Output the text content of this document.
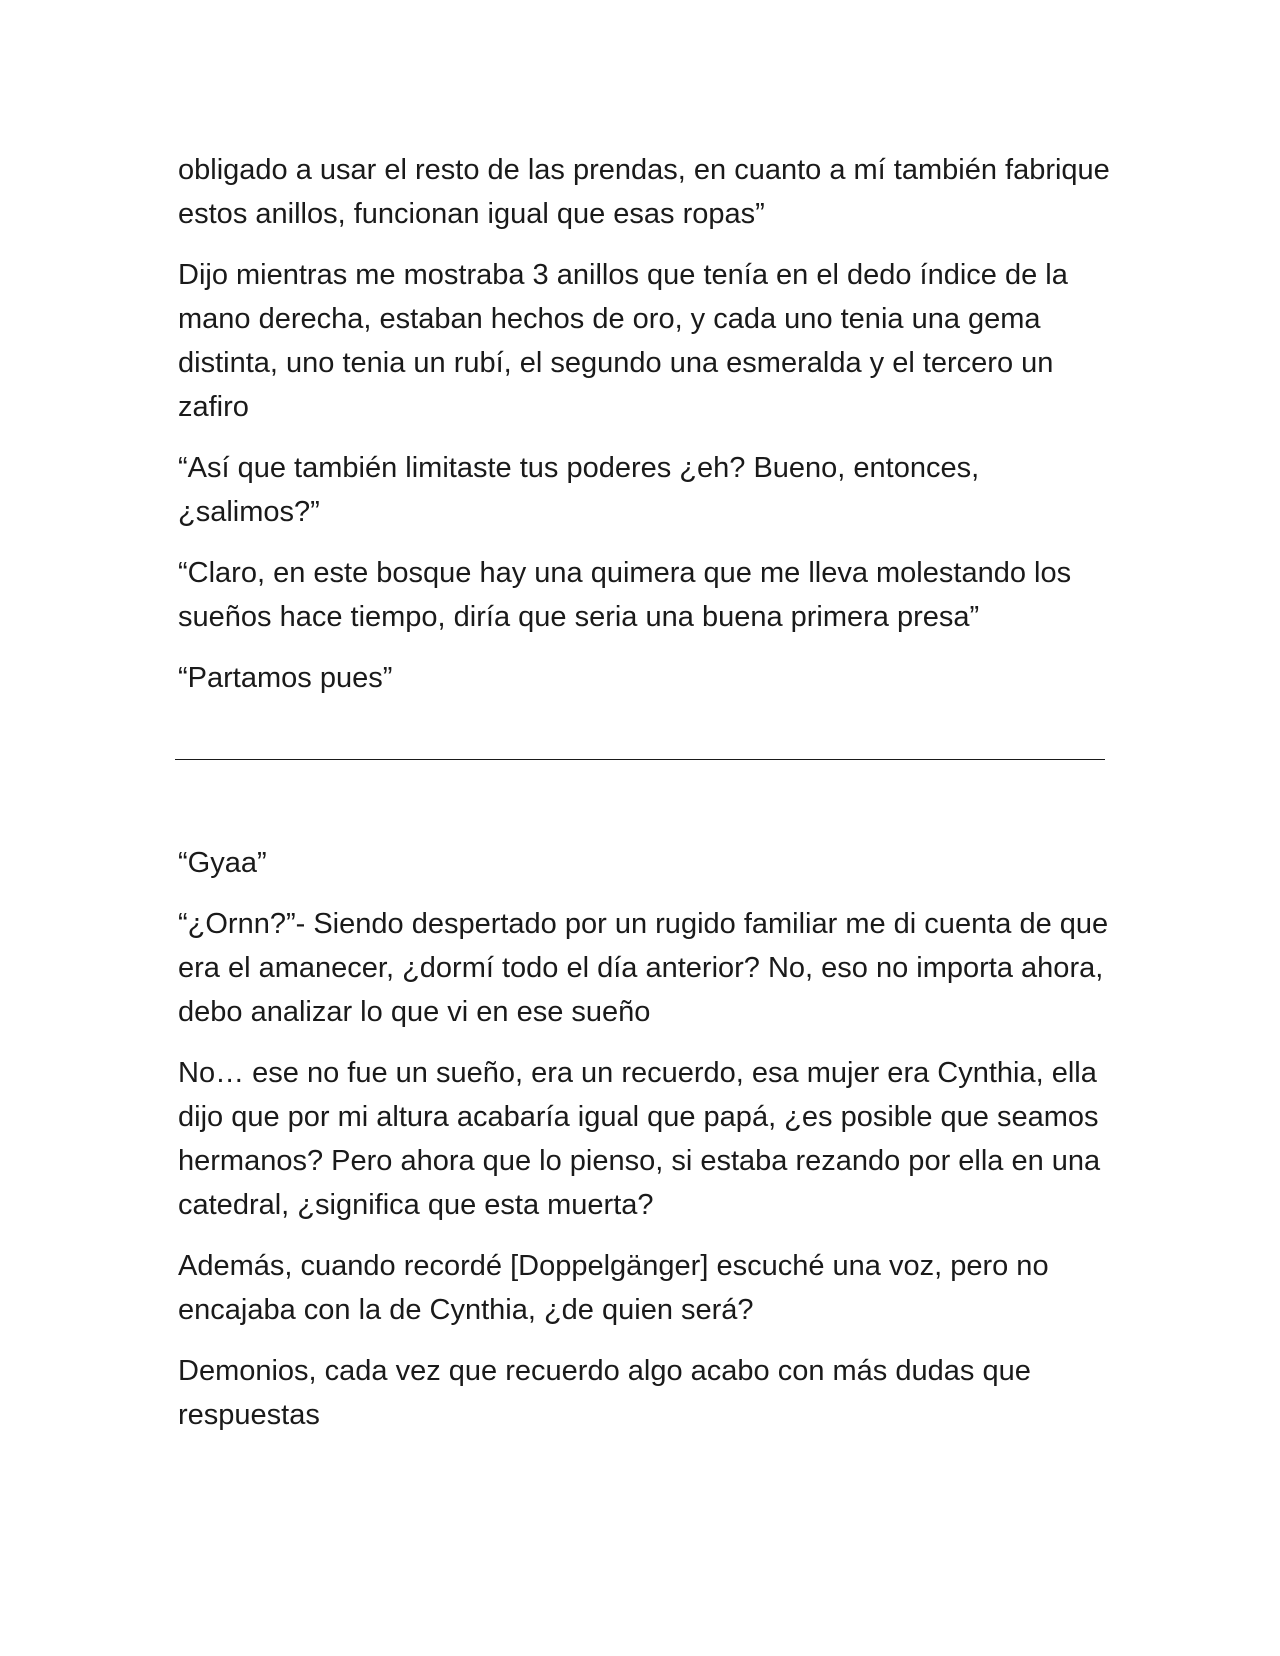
obligado a usar el resto de las prendas, en cuanto a mí también fabrique estos anillos, funcionan igual que esas ropas”

Dijo mientras me mostraba 3 anillos que tenía en el dedo índice de la mano derecha, estaban hechos de oro, y cada uno tenia una gema distinta, uno tenia un rubí, el segundo una esmeralda y el tercero un zafiro

“Así que también limitaste tus poderes ¿eh? Bueno, entonces, ¿salimos?”

“Claro, en este bosque hay una quimera que me lleva molestando los sueños hace tiempo, diría que seria una buena primera presa”

“Partamos pues”

“Gyaa”

“¿Ornn?”- Siendo despertado por un rugido familiar me di cuenta de que era el amanecer, ¿dormí todo el día anterior? No, eso no importa ahora, debo analizar lo que vi en ese sueño

No… ese no fue un sueño, era un recuerdo, esa mujer era Cynthia, ella dijo que por mi altura acabaría igual que papá, ¿es posible que seamos hermanos? Pero ahora que lo pienso, si estaba rezando por ella en una catedral, ¿significa que esta muerta?

Además, cuando recordé [Doppelgänger] escuché una voz, pero no encajaba con la de Cynthia, ¿de quien será?

Demonios, cada vez que recuerdo algo acabo con más dudas que respuestas
